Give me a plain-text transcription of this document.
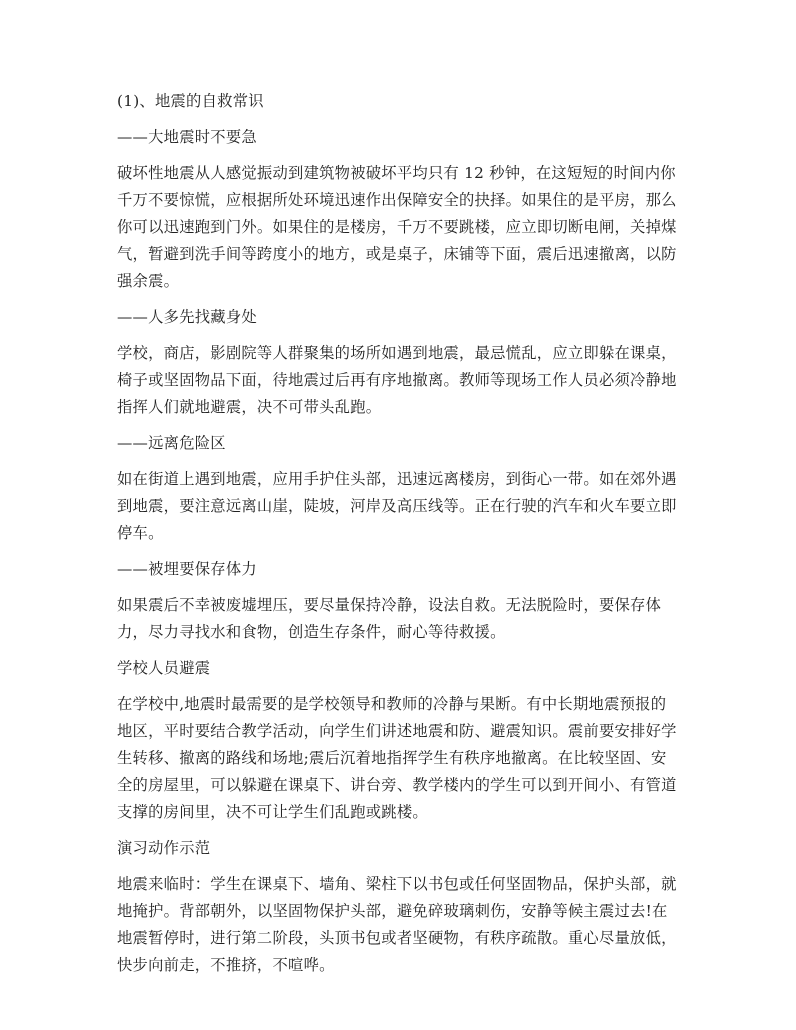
(1)、地震的自救常识
——大地震时不要急
破坏性地震从人感觉振动到建筑物被破坏平均只有 12 秒钟，在这短短的时间内你
千万不要惊慌，应根据所处环境迅速作出保障安全的抉择。如果住的是平房，那么
你可以迅速跑到门外。如果住的是楼房，千万不要跳楼，应立即切断电闸，关掉煤
气，暂避到洗手间等跨度小的地方，或是桌子，床铺等下面，震后迅速撤离，以防
强余震。
——人多先找藏身处
学校，商店，影剧院等人群聚集的场所如遇到地震，最忌慌乱，应立即躲在课桌，
椅子或坚固物品下面，待地震过后再有序地撤离。教师等现场工作人员必须冷静地
指挥人们就地避震，决不可带头乱跑。
——远离危险区
如在街道上遇到地震，应用手护住头部，迅速远离楼房，到街心一带。如在郊外遇
到地震，要注意远离山崖，陡坡，河岸及高压线等。正在行驶的汽车和火车要立即
停车。
——被埋要保存体力
如果震后不幸被废墟埋压，要尽量保持冷静，设法自救。无法脱险时，要保存体
力，尽力寻找水和食物，创造生存条件，耐心等待救援。
学校人员避震
在学校中,地震时最需要的是学校领导和教师的冷静与果断。有中长期地震预报的
地区，平时要结合教学活动，向学生们讲述地震和防、避震知识。震前要安排好学
生转移、撤离的路线和场地;震后沉着地指挥学生有秩序地撤离。在比较坚固、安
全的房屋里，可以躲避在课桌下、讲台旁、教学楼内的学生可以到开间小、有管道
支撑的房间里，决不可让学生们乱跑或跳楼。
演习动作示范
地震来临时：学生在课桌下、墙角、梁柱下以书包或任何坚固物品，保护头部，就
地掩护。背部朝外，以坚固物保护头部，避免碎玻璃刺伤，安静等候主震过去!在
地震暂停时，进行第二阶段，头顶书包或者坚硬物，有秩序疏散。重心尽量放低，
快步向前走，不推挤，不喧哗。
